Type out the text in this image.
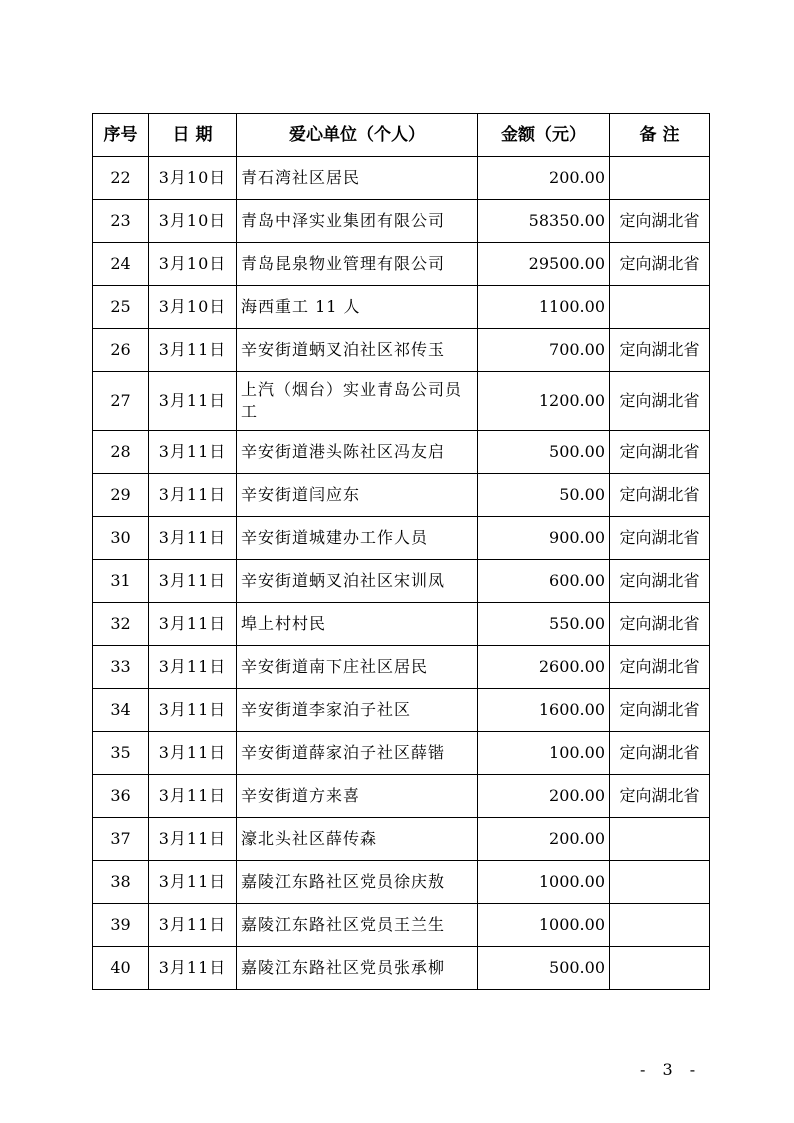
序号	日 期	爱心单位（个人）	金额（元）	备 注
22	3月10日	青石湾社区居民	200.00	
23	3月10日	青岛中泽实业集团有限公司	58350.00	定向湖北省
24	3月10日	青岛昆泉物业管理有限公司	29500.00	定向湖北省
25	3月10日	海西重工 11 人	1100.00	
26	3月11日	辛安街道蛃叉泊社区祁传玉	700.00	定向湖北省
27	3月11日	上汽（烟台）实业青岛公司员工	1200.00	定向湖北省
28	3月11日	辛安街道港头陈社区冯友启	500.00	定向湖北省
29	3月11日	辛安街道闫应东	50.00	定向湖北省
30	3月11日	辛安街道城建办工作人员	900.00	定向湖北省
31	3月11日	辛安街道蛃叉泊社区宋训凤	600.00	定向湖北省
32	3月11日	埠上村村民	550.00	定向湖北省
33	3月11日	辛安街道南下庄社区居民	2600.00	定向湖北省
34	3月11日	辛安街道李家泊子社区	1600.00	定向湖北省
35	3月11日	辛安街道薛家泊子社区薛锴	100.00	定向湖北省
36	3月11日	辛安街道方来喜	200.00	定向湖北省
37	3月11日	濠北头社区薛传森	200.00	
38	3月11日	嘉陵江东路社区党员徐庆敖	1000.00	
39	3月11日	嘉陵江东路社区党员王兰生	1000.00	
40	3月11日	嘉陵江东路社区党员张承柳	500.00	
- 3 -
